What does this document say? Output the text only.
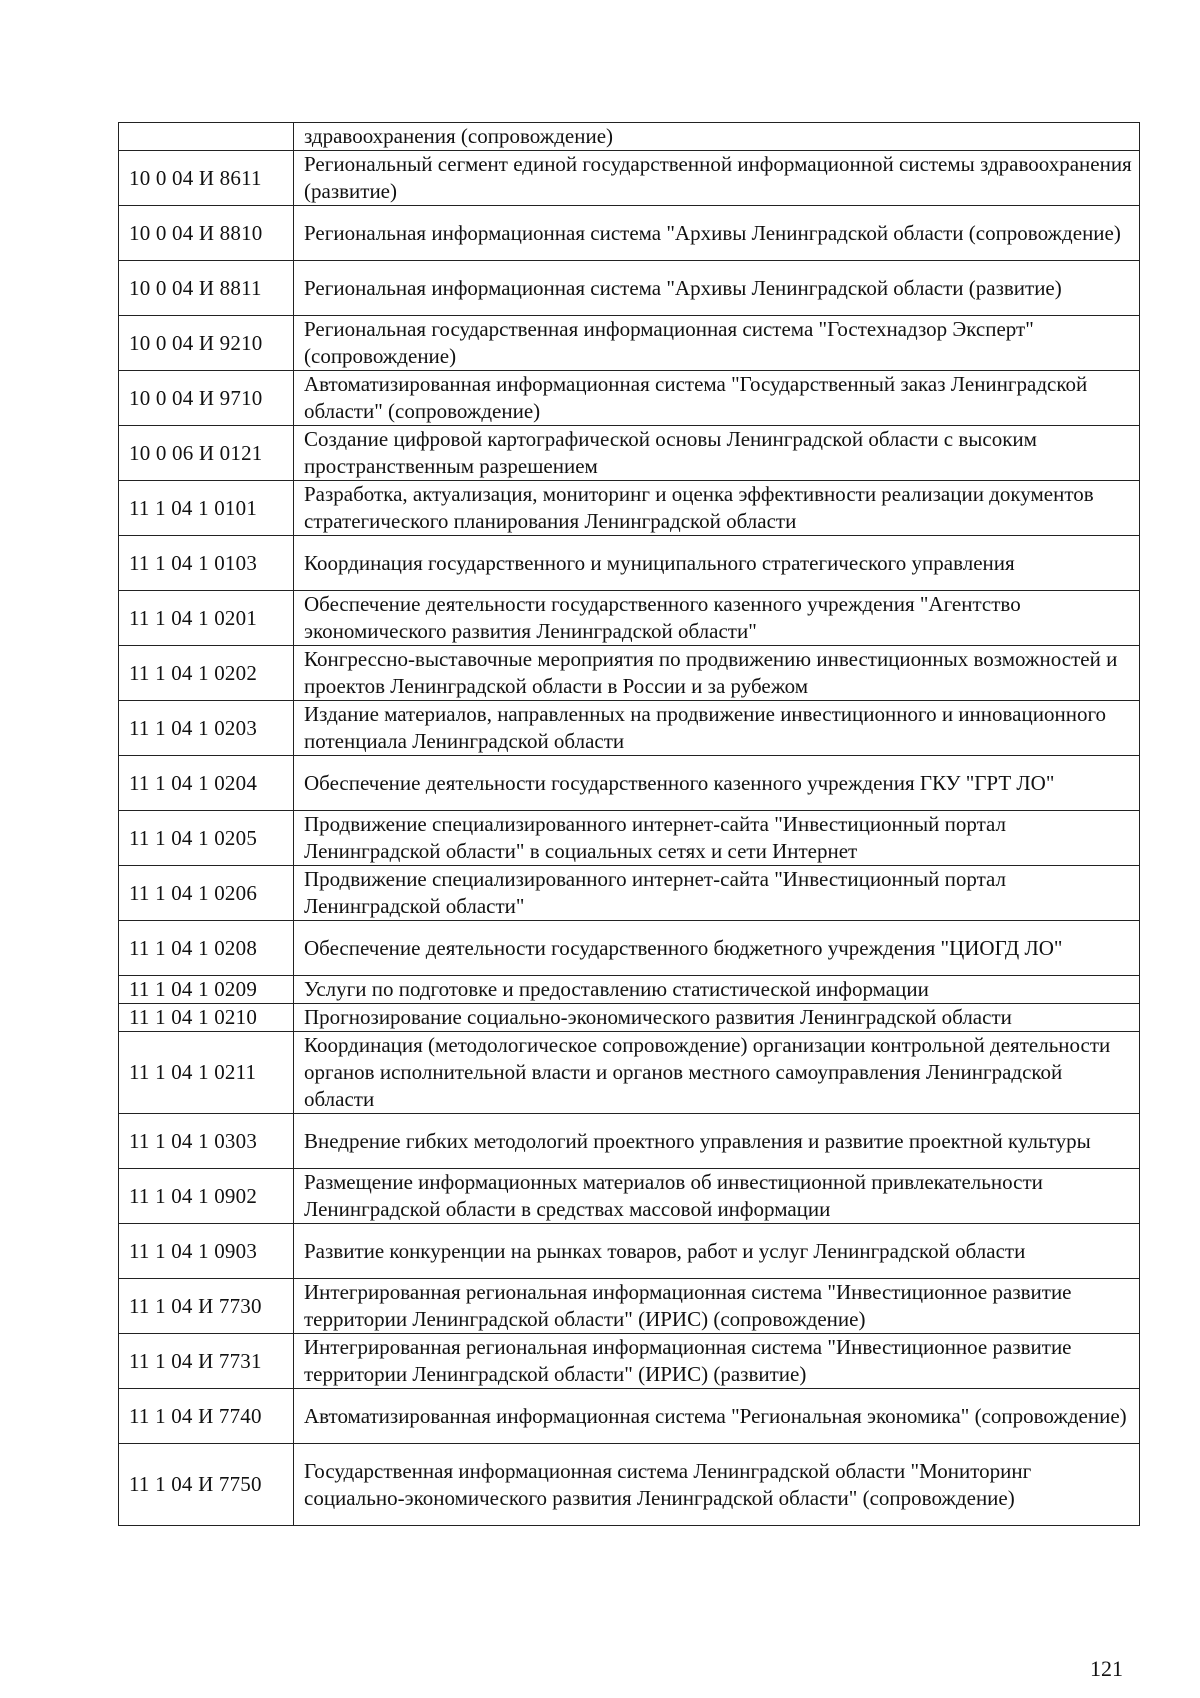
	здравоохранения (сопровождение)
10 0 04 И 8611	Региональный сегмент единой государственной информационной системы здравоохранения (развитие)
10 0 04 И 8810	Региональная информационная система "Архивы Ленинградской области (сопровождение)
10 0 04 И 8811	Региональная информационная система "Архивы Ленинградской области (развитие)
10 0 04 И 9210	Региональная государственная информационная система "Гостехнадзор Эксперт" (сопровождение)
10 0 04 И 9710	Автоматизированная информационная система "Государственный заказ Ленинградской области" (сопровождение)
10 0 06 И 0121	Создание цифровой картографической основы Ленинградской области с высоким пространственным разрешением
11 1 04 1 0101	Разработка, актуализация, мониторинг и оценка эффективности реализации документов стратегического планирования Ленинградской области
11 1 04 1 0103	Координация государственного и муниципального стратегического управления
11 1 04 1 0201	Обеспечение деятельности государственного казенного учреждения "Агентство экономического развития Ленинградской области"
11 1 04 1 0202	Конгрессно-выставочные мероприятия по продвижению инвестиционных возможностей и проектов Ленинградской области в России и за рубежом
11 1 04 1 0203	Издание материалов, направленных на продвижение инвестиционного и инновационного потенциала Ленинградской области
11 1 04 1 0204	Обеспечение деятельности государственного казенного учреждения ГКУ "ГРТ ЛО"
11 1 04 1 0205	Продвижение специализированного интернет-сайта "Инвестиционный портал Ленинградской области" в социальных сетях и сети Интернет
11 1 04 1 0206	Продвижение специализированного интернет-сайта "Инвестиционный портал Ленинградской области"
11 1 04 1 0208	Обеспечение деятельности государственного бюджетного учреждения "ЦИОГД ЛО"
11 1 04 1 0209	Услуги по подготовке и предоставлению статистической информации
11 1 04 1 0210	Прогнозирование социально-экономического развития Ленинградской области
11 1 04 1 0211	Координация (методологическое сопровождение) организации контрольной деятельности органов исполнительной власти и органов местного самоуправления Ленинградской области
11 1 04 1 0303	Внедрение гибких методологий проектного управления и развитие проектной культуры
11 1 04 1 0902	Размещение информационных материалов об инвестиционной привлекательности Ленинградской области в средствах массовой информации
11 1 04 1 0903	Развитие конкуренции на рынках товаров, работ и услуг Ленинградской области
11 1 04 И 7730	Интегрированная региональная информационная система "Инвестиционное развитие территории Ленинградской области" (ИРИС) (сопровождение)
11 1 04 И 7731	Интегрированная региональная информационная система "Инвестиционное развитие территории Ленинградской области" (ИРИС) (развитие)
11 1 04 И 7740	Автоматизированная информационная система "Региональная экономика" (сопровождение)
11 1 04 И 7750	Государственная информационная система Ленинградской области "Мониторинг социально-экономического развития Ленинградской области" (сопровождение)
121
